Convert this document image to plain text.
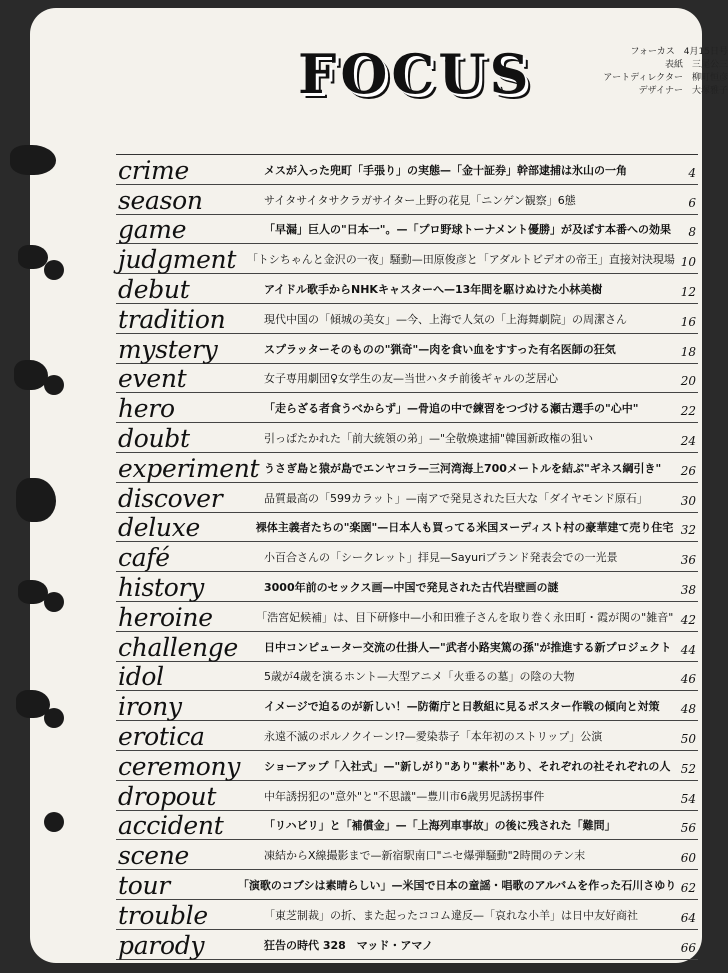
FOCUS	フォーカス　4月15日号
表紙　三尾公三
アートディレクター　柳町恒彦
デザイナー　大塚雅子
crime	メスが入った兜町「手張り」の実態—「金十証券」幹部逮捕は氷山の一角	4
season	サイタサイタサクラガサイター上野の花見「ニンゲン観察」6態	6
game	「早漏」巨人の"日本一"。—「プロ野球トーナメント優勝」が及ぼす本番への効果	8
judgment 「トシちゃんと金沢の一夜」騒動—田原俊彦と「アダルトビデオの帝王」直接対決現場 10
debut	アイドル歌手からNHKキャスターへ—13年間を駆けぬけた小林美樹	12
tradition	現代中国の「傾城の美女」—今、上海で人気の「上海舞劇院」の周潔さん	16
mystery	スプラッターそのものの"猟奇"—肉を食い血をすすった有名医師の狂気	18
event	女子専用劇団♀女学生の友—当世ハタチ前後ギャルの芝居心	20
hero	「走らざる者食うべからず」—骨追の中で練習をつづける瀬古選手の"心中"	22
doubt	引っぱたかれた「前大統領の弟」—"全敬煥逮捕"韓国新政権の狙い	24
experiment うさぎ島と猿が島でエンヤコラ—三河湾海上700メートルを結ぶ"ギネス綱引き"	26
discover	品質最高の「599カラット」—南アで発見された巨大な「ダイヤモンド原石」	30
deluxe	裸体主義者たちの"楽園"—日本人も買ってる米国ヌーディスト村の豪華建て売り住宅 32
café	小百合さんの「シークレット」拝見—Sayuriブランド発表会での一光景	36
history	3000年前のセックス画—中国で発見された古代岩壁画の謎	38
heroine	「浩宮妃候補」は、目下研修中—小和田雅子さんを取り巻く永田町・霞が関の"雑音" 42
challenge	日中コンピューター交流の仕掛人—"武者小路実篤の孫"が推進する新プロジェクト 44
idol	5歳が4歳を演るホント—大型アニメ「火垂るの墓」の陰の大物	46
irony	イメージで迫るのが新しい！—防衛庁と日教組に見るポスター作戦の傾向と対策	48
erotica	永遠不滅のポルノクイーン!?—愛染恭子「本年初のストリップ」公演	50
ceremony	ショーアップ「入社式」—"新しがり"あり"素朴"あり、それぞれの社それぞれの人 52
dropout	中年誘拐犯の"意外"と"不思議"—豊川市6歳男児誘拐事件	54
accident	「リハビリ」と「補償金」—「上海列車事故」の後に残された「難問」	56
scene	凍結からX線撮影まで—新宿駅南口"ニセ爆弾騒動"2時間のテン末	60
tour	「演歌のコブシは素晴らしい」—米国で日本の童謡・唱歌のアルバムを作った石川さゆり 62
trouble	「東芝制裁」の折、また起ったココム違反—「哀れな小羊」は日中友好商社	64
parody	狂告の時代 328　マッド・アマノ	66
